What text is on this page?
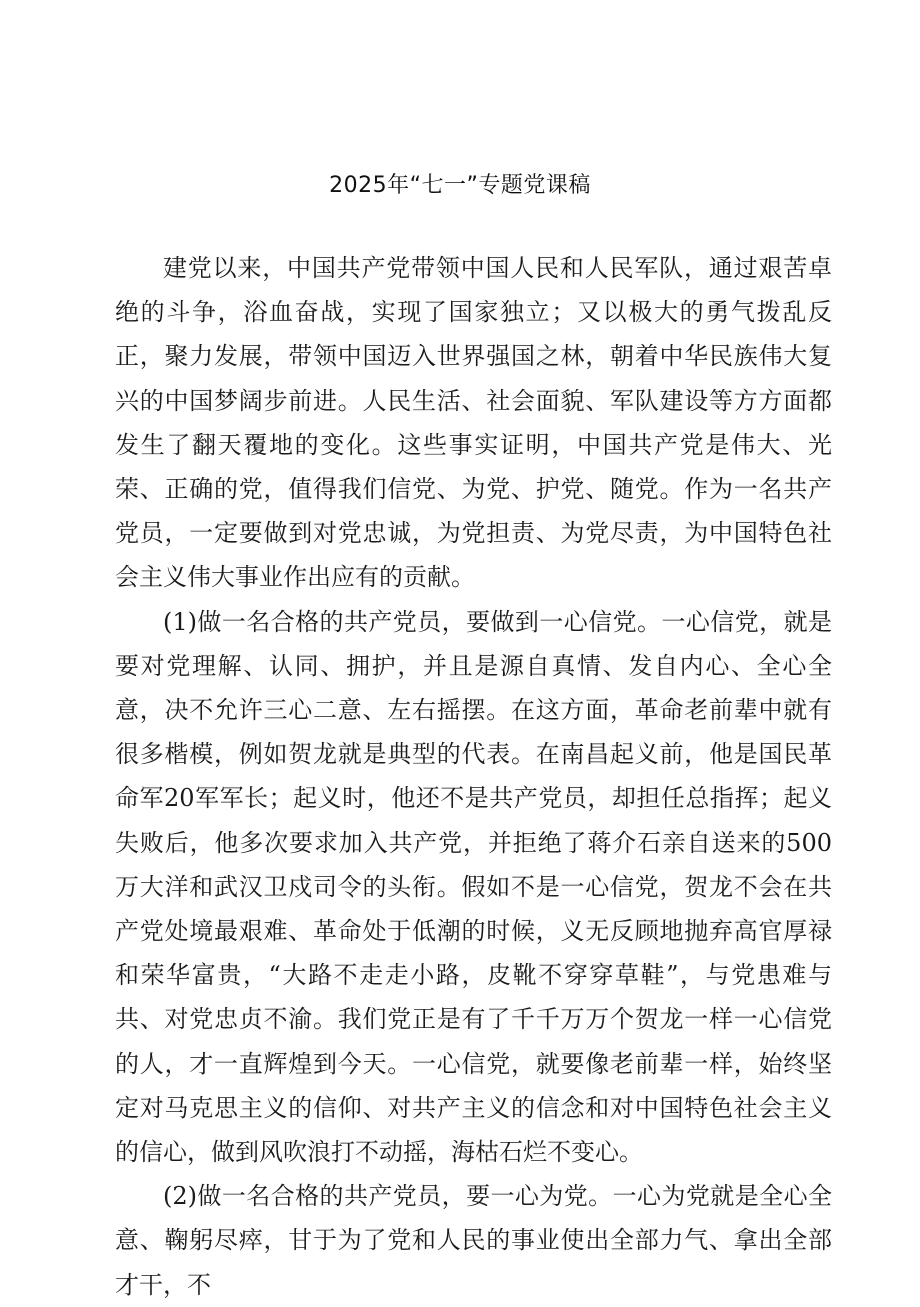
2025年“七一”专题党课稿

建党以来，中国共产党带领中国人民和人民军队，通过艰苦卓绝的斗争，浴血奋战，实现了国家独立；又以极大的勇气拨乱反正，聚力发展，带领中国迈入世界强国之林，朝着中华民族伟大复兴的中国梦阔步前进。人民生活、社会面貌、军队建设等方方面都发生了翻天覆地的变化。这些事实证明，中国共产党是伟大、光荣、正确的党，值得我们信党、为党、护党、随党。作为一名共产党员，一定要做到对党忠诚，为党担责、为党尽责，为中国特色社会主义伟大事业作出应有的贡献。

(1)做一名合格的共产党员，要做到一心信党。一心信党，就是要对党理解、认同、拥护，并且是源自真情、发自内心、全心全意，决不允许三心二意、左右摇摆。在这方面，革命老前辈中就有很多楷模，例如贺龙就是典型的代表。在南昌起义前，他是国民革命军20军军长；起义时，他还不是共产党员，却担任总指挥；起义失败后，他多次要求加入共产党，并拒绝了蒋介石亲自送来的500万大洋和武汉卫戍司令的头衔。假如不是一心信党，贺龙不会在共产党处境最艰难、革命处于低潮的时候，义无反顾地抛弃高官厚禄和荣华富贵，“大路不走走小路，皮靴不穿穿草鞋”，与党患难与共、对党忠贞不渝。我们党正是有了千千万万个贺龙一样一心信党的人，才一直辉煌到今天。一心信党，就要像老前辈一样，始终坚定对马克思主义的信仰、对共产主义的信念和对中国特色社会主义的信心，做到风吹浪打不动摇，海枯石烂不变心。

(2)做一名合格的共产党员，要一心为党。一心为党就是全心全意、鞠躬尽瘁，甘于为了党和人民的事业使出全部力气、拿出全部才干，不
